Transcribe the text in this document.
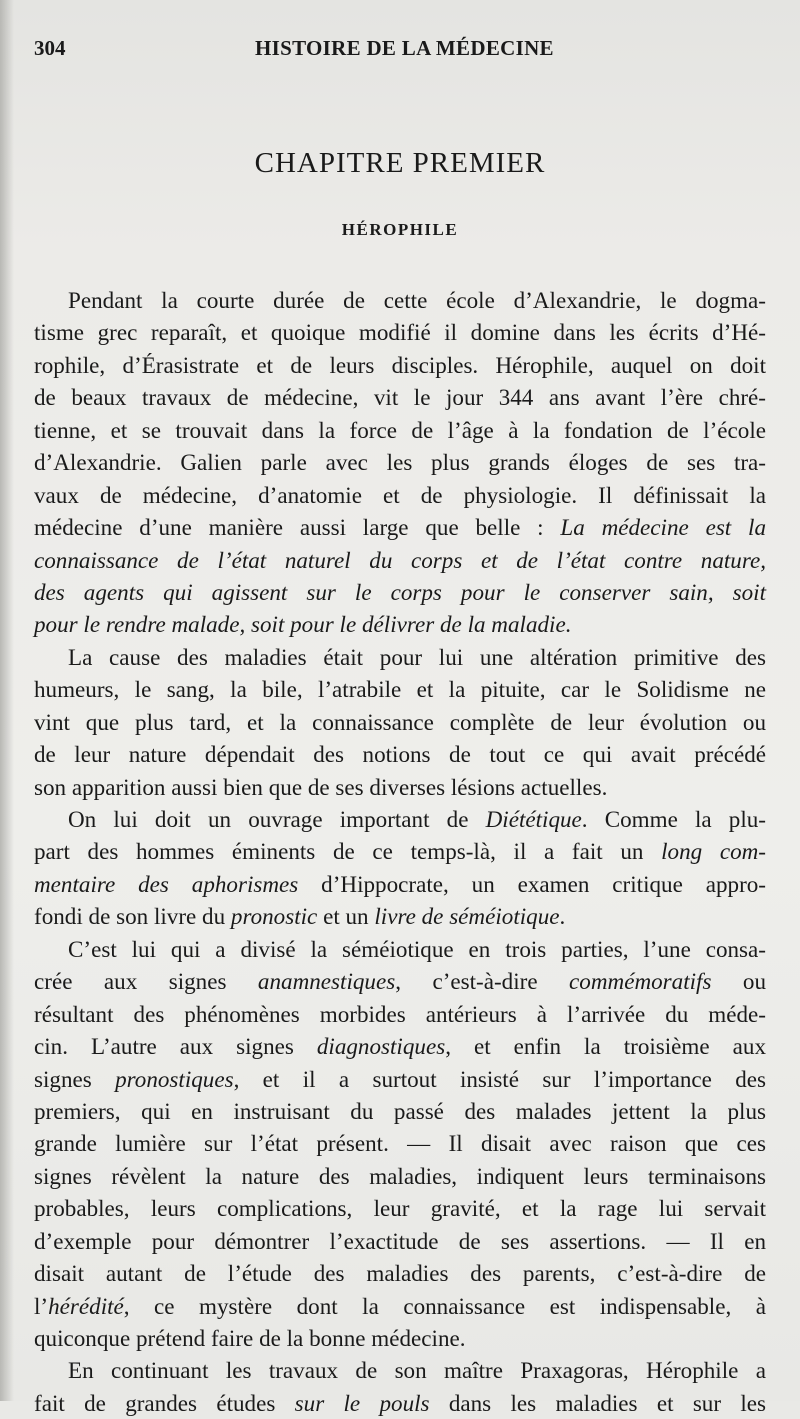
304	HISTOIRE DE LA MÉDECINE
CHAPITRE PREMIER
HÉROPHILE
Pendant la courte durée de cette école d’Alexandrie, le dogma-
tisme grec reparaît, et quoique modifié il domine dans les écrits d’Hé-
rophile, d’Érasistrate et de leurs disciples. Hérophile, auquel on doit
de beaux travaux de médecine, vit le jour 344 ans avant l’ère chré-
tienne, et se trouvait dans la force de l’âge à la fondation de l’école
d’Alexandrie. Galien parle avec les plus grands éloges de ses tra-
vaux de médecine, d’anatomie et de physiologie. Il définissait la
médecine d’une manière aussi large que belle : La médecine est la
connaissance de l’état naturel du corps et de l’état contre nature,
des agents qui agissent sur le corps pour le conserver sain, soit
pour le rendre malade, soit pour le délivrer de la maladie.
La cause des maladies était pour lui une altération primitive des
humeurs, le sang, la bile, l’atrabile et la pituite, car le Solidisme ne
vint que plus tard, et la connaissance complète de leur évolution ou
de leur nature dépendait des notions de tout ce qui avait précédé
son apparition aussi bien que de ses diverses lésions actuelles.
On lui doit un ouvrage important de Diététique. Comme la plu-
part des hommes éminents de ce temps-là, il a fait un long com-
mentaire des aphorismes d’Hippocrate, un examen critique appro-
fondi de son livre du pronostic et un livre de séméiotique.
C’est lui qui a divisé la séméiotique en trois parties, l’une consa-
crée aux signes anamnestiques, c’est-à-dire commémoratifs ou
résultant des phénomènes morbides antérieurs à l’arrivée du méde-
cin. L’autre aux signes diagnostiques, et enfin la troisième aux
signes pronostiques, et il a surtout insisté sur l’importance des
premiers, qui en instruisant du passé des malades jettent la plus
grande lumière sur l’état présent. — Il disait avec raison que ces
signes révèlent la nature des maladies, indiquent leurs terminaisons
probables, leurs complications, leur gravité, et la rage lui servait
d’exemple pour démontrer l’exactitude de ses assertions. — Il en
disait autant de l’étude des maladies des parents, c’est-à-dire de
l’hérédité, ce mystère dont la connaissance est indispensable, à
quiconque prétend faire de la bonne médecine.
En continuant les travaux de son maître Praxagoras, Hérophile a
fait de grandes études sur le pouls dans les maladies et sur les
